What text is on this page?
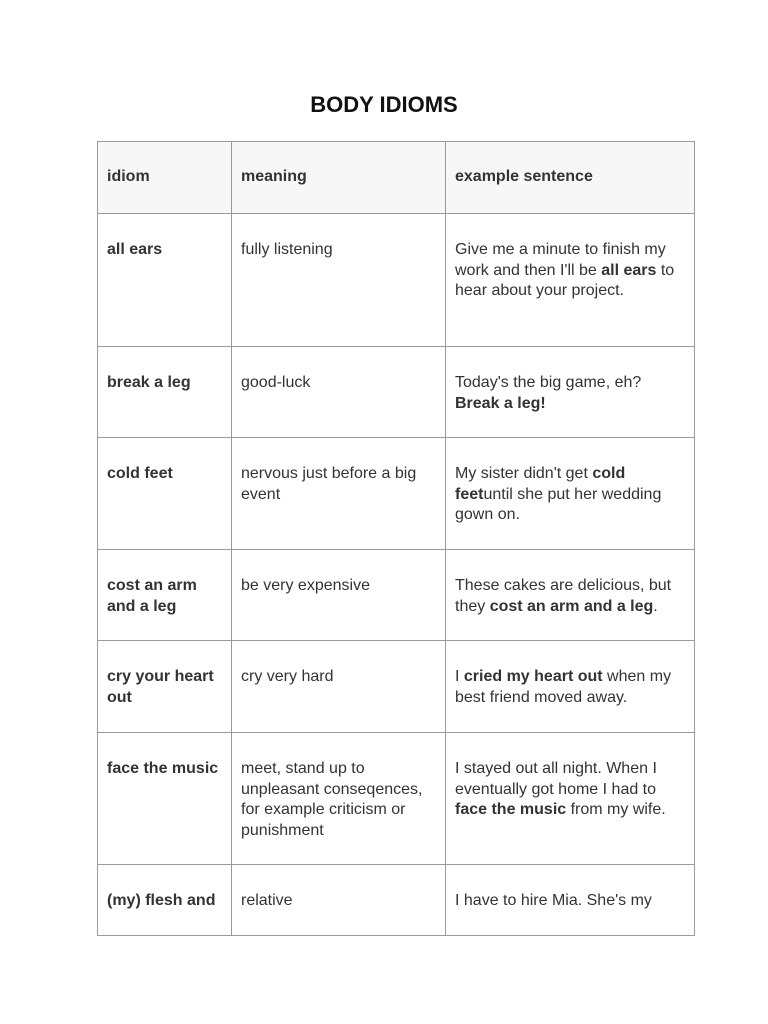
BODY IDIOMS
idiom	meaning	example sentence
all ears	fully listening	Give me a minute to finish my work and then I'll be all ears to hear about your project.
break a leg	good-luck	Today's the big game, eh? Break a leg!
cold feet	nervous just before a big event	My sister didn't get cold feetuntil she put her wedding gown on.
cost an arm and a leg	be very expensive	These cakes are delicious, but they cost an arm and a leg.
cry your heart out	cry very hard	I cried my heart out when my best friend moved away.
face the music	meet, stand up to unpleasant conseqences, for example criticism or punishment	I stayed out all night. When I eventually got home I had to face the music from my wife.
(my) flesh and	relative	I have to hire Mia. She's my
